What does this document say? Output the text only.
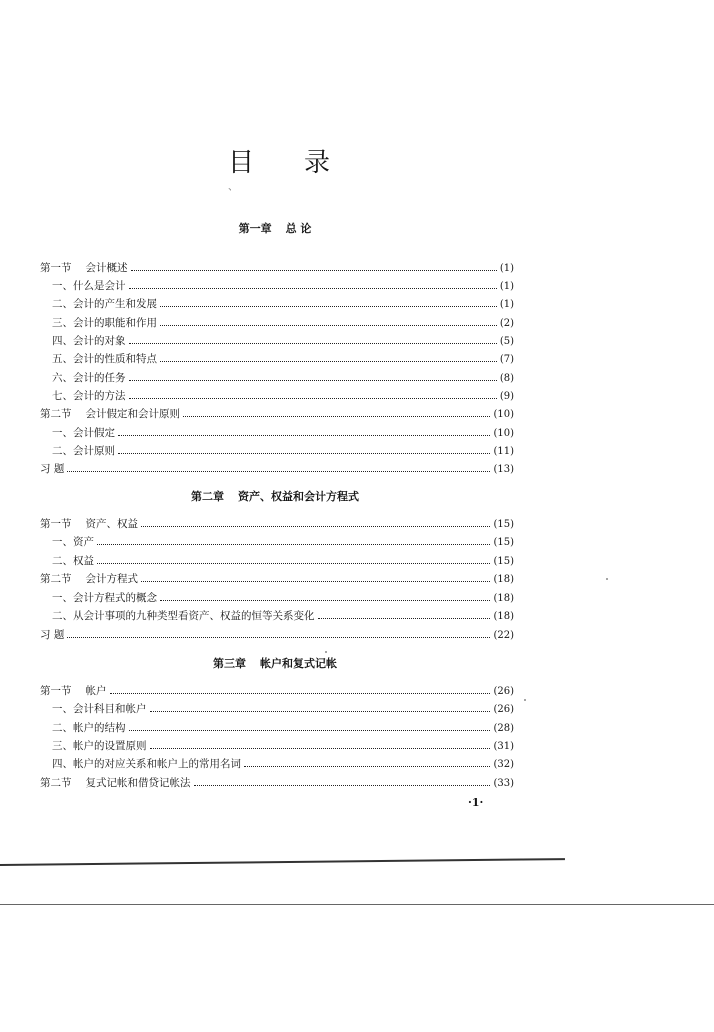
目 录
、
第一章 总 论
第一节 会计概述	(1)
一、什么是会计	(1)
二、会计的产生和发展	(1)
三、会计的职能和作用	(2)
四、会计的对象	(5)
五、会计的性质和特点	(7)
六、会计的任务	(8)
七、会计的方法	(9)
第二节 会计假定和会计原则	(10)
一、会计假定	(10)
二、会计原则	(11)
习 题	(13)
第二章 资产、权益和会计方程式
第一节 资产、权益	(15)
一、资产	(15)
二、权益	(15)
第二节 会计方程式	(18)
一、会计方程式的概念	(18)
二、从会计事项的九种类型看资产、权益的恒等关系变化	(18)
习 题	(22)
第三章 帐户和复式记帐
第一节 帐户	(26)
一、会计科目和帐户	(26)
二、帐户的结构	(28)
三、帐户的设置原则	(31)
四、帐户的对应关系和帐户上的常用名词	(32)
第二节 复式记帐和借贷记帐法	(33)
·1·
